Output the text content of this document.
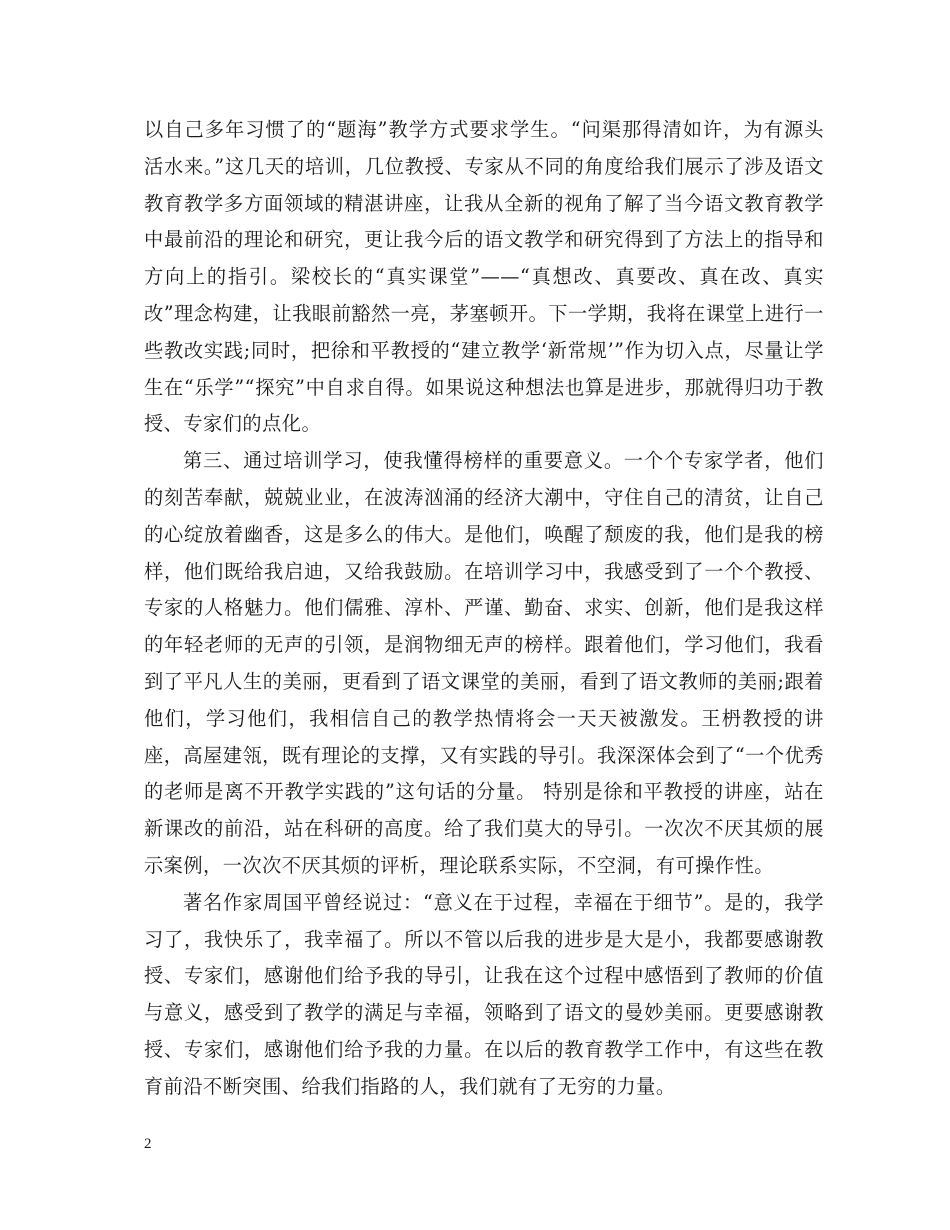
以自己多年习惯了的“题海”教学方式要求学生。“问渠那得清如许，为有源头活水来。”这几天的培训，几位教授、专家从不同的角度给我们展示了涉及语文教育教学多方面领域的精湛讲座，让我从全新的视角了解了当今语文教育教学中最前沿的理论和研究，更让我今后的语文教学和研究得到了方法上的指导和方向上的指引。梁校长的“真实课堂”——“真想改、真要改、真在改、真实改”理念构建，让我眼前豁然一亮，茅塞顿开。下一学期，我将在课堂上进行一些教改实践;同时，把徐和平教授的“建立教学‘新常规’”作为切入点，尽量让学生在“乐学”“探究”中自求自得。如果说这种想法也算是进步，那就得归功于教授、专家们的点化。

第三、通过培训学习，使我懂得榜样的重要意义。一个个专家学者，他们的刻苦奉献，兢兢业业，在波涛汹涌的经济大潮中，守住自己的清贫，让自己的心绽放着幽香，这是多么的伟大。是他们，唤醒了颓废的我，他们是我的榜样，他们既给我启迪，又给我鼓励。在培训学习中，我感受到了一个个教授、专家的人格魅力。他们儒雅、淳朴、严谨、勤奋、求实、创新，他们是我这样的年轻老师的无声的引领，是润物细无声的榜样。跟着他们，学习他们，我看到了平凡人生的美丽，更看到了语文课堂的美丽，看到了语文教师的美丽;跟着他们，学习他们，我相信自己的教学热情将会一天天被激发。王枬教授的讲座，高屋建瓴，既有理论的支撑，又有实践的导引。我深深体会到了“一个优秀的老师是离不开教学实践的”这句话的分量。 特别是徐和平教授的讲座，站在新课改的前沿，站在科研的高度。给了我们莫大的导引。一次次不厌其烦的展示案例，一次次不厌其烦的评析，理论联系实际，不空洞，有可操作性。

著名作家周国平曾经说过：“意义在于过程，幸福在于细节”。是的，我学习了，我快乐了，我幸福了。所以不管以后我的进步是大是小，我都要感谢教授、专家们，感谢他们给予我的导引，让我在这个过程中感悟到了教师的价值与意义，感受到了教学的满足与幸福，领略到了语文的曼妙美丽。更要感谢教授、专家们，感谢他们给予我的力量。在以后的教育教学工作中，有这些在教育前沿不断突围、给我们指路的人，我们就有了无穷的力量。

2
